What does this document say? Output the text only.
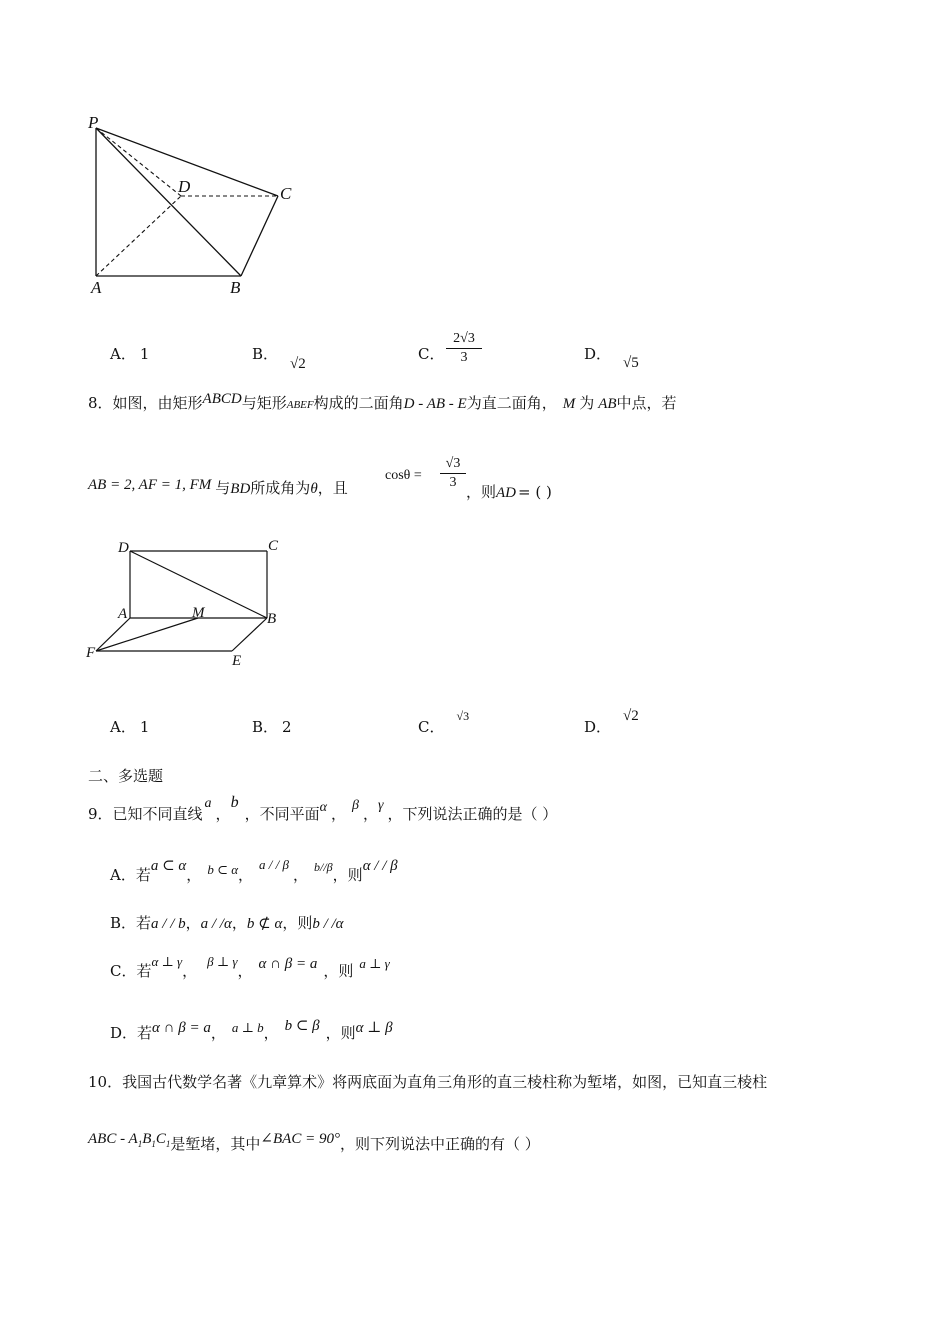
P
D	C
A	B
A． 1	B．√2
C． $\frac{2√3}{3}$	D． √5
8．如图，由矩形ABCD与矩形ABEF构成的二面角D - AB - E为直二面角， M 为 AB中点，若
AB = 2, AF = 1, FM 与BD所成角为θ，且
$\cos\theta = \frac{√3}{3}$ ，则AD = ( )
D	C
A	M	B
F	E
A． 1	B． 2	C．$^{√3}$
D．√2
二、多选题
9．已知不同直线a，b，不同平面α ， β ，γ ，下列说法正确的是（ ）
A．若a ⊂ α， b ⊂ α，a / / β， $^{b//\beta}$，则α / / β
B．若a / / b，a / /α，b ⊄ α，则b / /α
C．若α ⊥ γ，β ⊥ γ， α ∩ β = a ，则 a ⊥ γ
D．若α ∩ β = a， a ⊥ b， b ⊂ β ，则α ⊥ β
10．我国古代数学名著《九章算术》将两底面为直角三角形的直三棱柱称为堑堵，如图，已知直三棱柱
ABC - $A_1B_1C_1$是堑堵，其中∠BAC = 90°，则下列说法中正确的有（ ）
